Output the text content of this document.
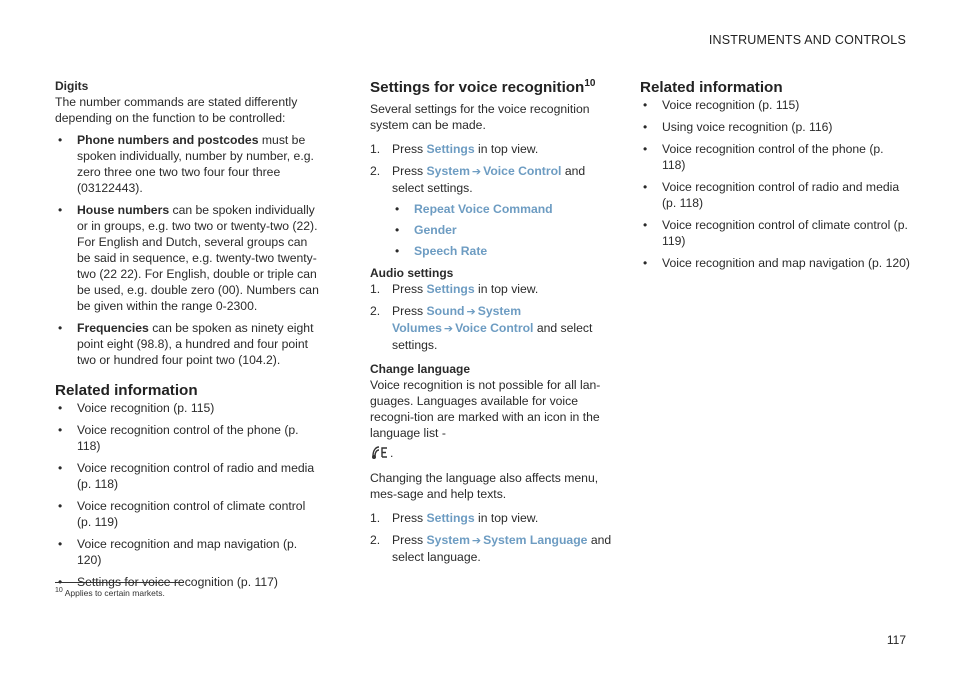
INSTRUMENTS AND CONTROLS

Digits

The number commands are stated differently depending on the function to be controlled:

• Phone numbers and postcodes must be spoken individually, number by number, e.g. zero three one two two four four three (03122443).
• House numbers can be spoken individually or in groups, e.g. two two or twenty-two (22). For English and Dutch, several groups can be said in sequence, e.g. twenty-two twenty-two (22 22). For English, double or triple can be used, e.g. double zero (00). Numbers can be given within the range 0-2300.
• Frequencies can be spoken as ninety eight point eight (98.8), a hundred and four point two or hundred four point two (104.2).

Related information

• Voice recognition (p. 115)
• Voice recognition control of the phone (p. 118)
• Voice recognition control of radio and media (p. 118)
• Voice recognition control of climate control (p. 119)
• Voice recognition and map navigation (p. 120)
• Settings for voice recognition (p. 117)

Settings for voice recognition$^{10}$

Several settings for the voice recognition system can be made.

1. Press Settings in top view.
2. Press System ➔ Voice Control and select settings.
• Repeat Voice Command
• Gender
• Speech Rate

Audio settings

1. Press Settings in top view.
2. Press Sound ➔ System Volumes ➔ Voice Control and select settings.

Change language

Voice recognition is not possible for all lan-guages. Languages available for voice recogni-tion are marked with an icon in the language list -

.

Changing the language also affects menu, mes-sage and help texts.

1. Press Settings in top view.
2. Press System ➔ System Language and select language.

Related information

• Voice recognition (p. 115)
• Using voice recognition (p. 116)
• Voice recognition control of the phone (p. 118)
• Voice recognition control of radio and media (p. 118)
• Voice recognition control of climate control (p. 119)
• Voice recognition and map navigation (p. 120)
$^{10}$ Applies to certain markets.
117
